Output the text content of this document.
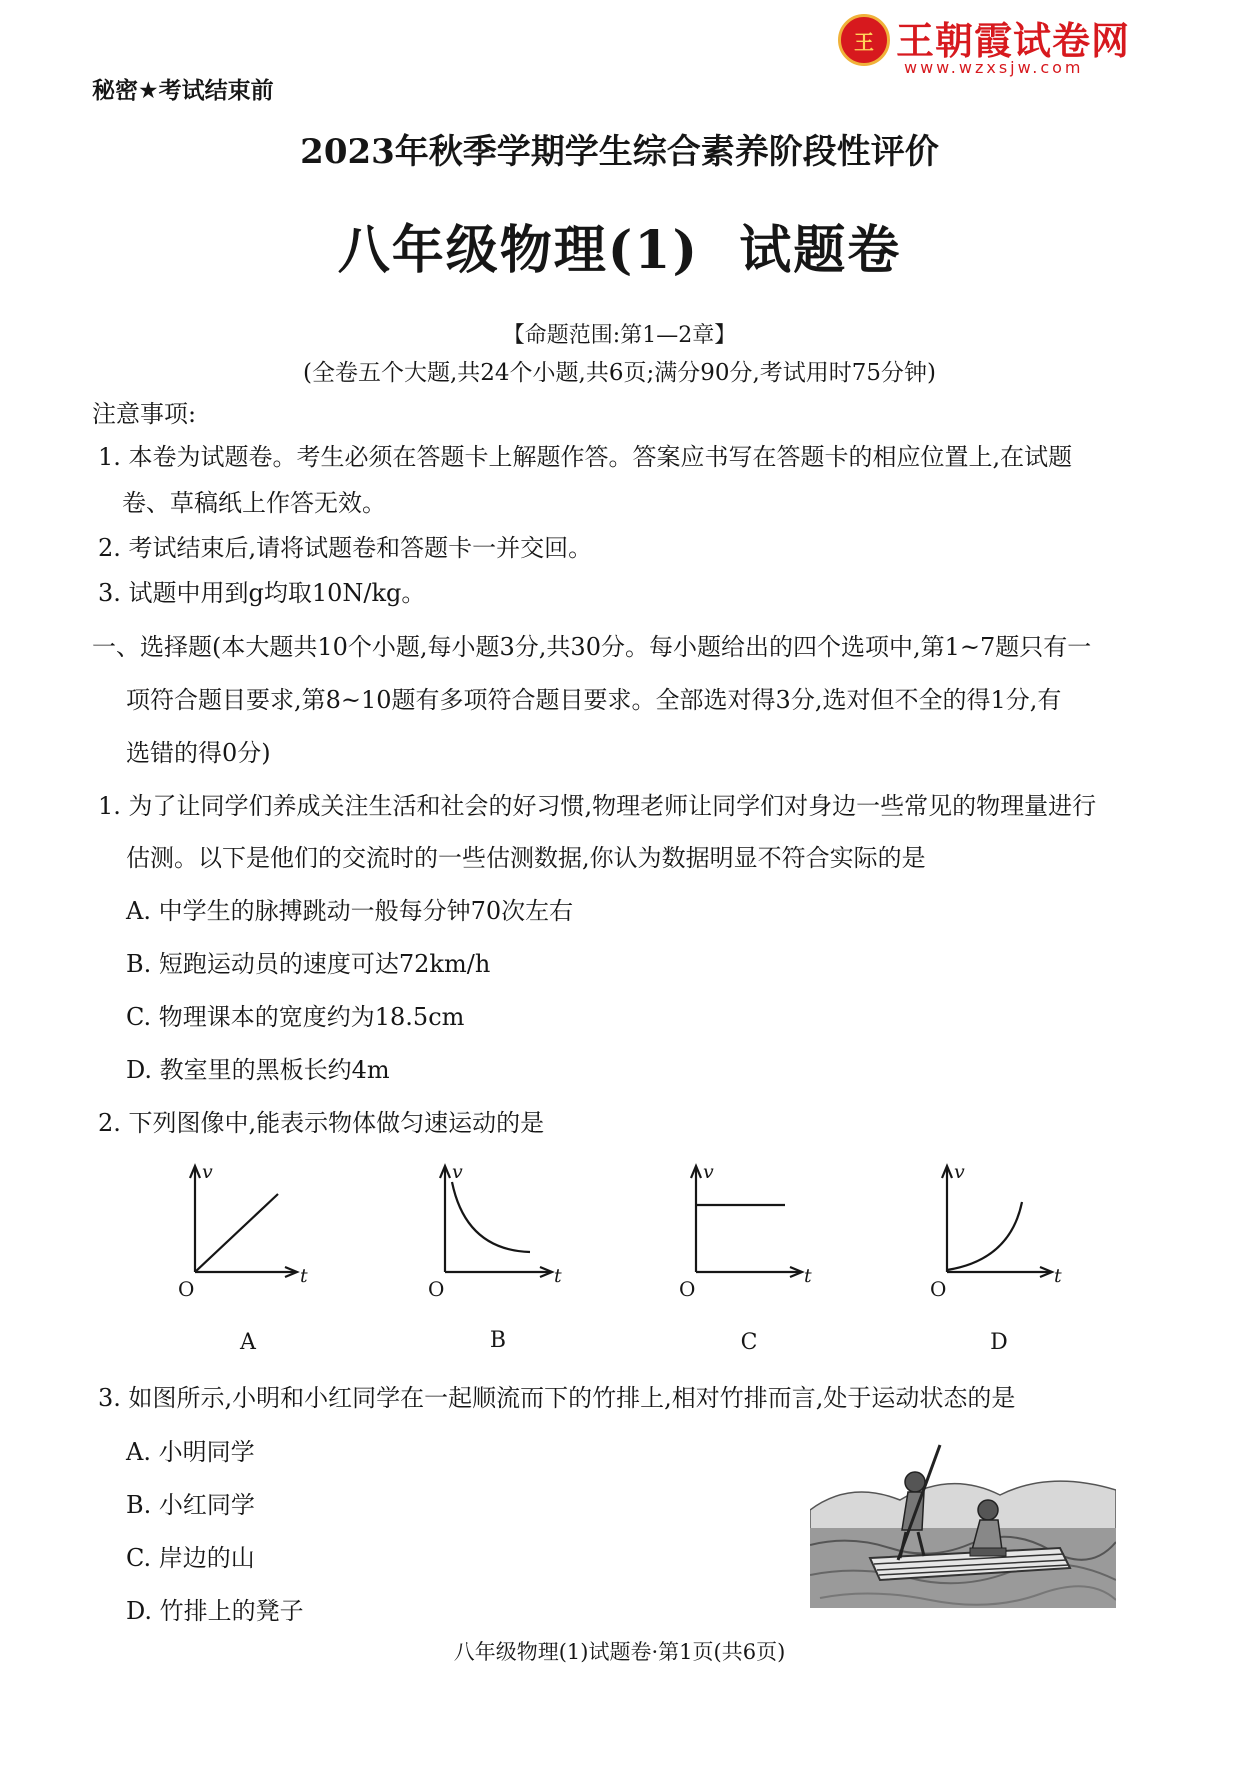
王 王朝霞试卷网
www.wzxsjw.com
秘密★考试结束前
2023年秋季学期学生综合素养阶段性评价
八年级物理(1)  试题卷
【命题范围:第1—2章】
(全卷五个大题,共24个小题,共6页;满分90分,考试用时75分钟)
注意事项:
1. 本卷为试题卷。考生必须在答题卡上解题作答。答案应书写在答题卡的相应位置上,在试题
卷、草稿纸上作答无效。
2. 考试结束后,请将试题卷和答题卡一并交回。
3. 试题中用到g均取10N/kg。
一、选择题(本大题共10个小题,每小题3分,共30分。每小题给出的四个选项中,第1~7题只有一
项符合题目要求,第8~10题有多项符合题目要求。全部选对得3分,选对但不全的得1分,有
选错的得0分)
1. 为了让同学们养成关注生活和社会的好习惯,物理老师让同学们对身边一些常见的物理量进行
估测。以下是他们的交流时的一些估测数据,你认为数据明显不符合实际的是
A. 中学生的脉搏跳动一般每分钟70次左右
B. 短跑运动员的速度可达72km/h
C. 物理课本的宽度约为18.5cm
D. 教室里的黑板长约4m
2. 下列图像中,能表示物体做匀速运动的是
v
t
v
t
v
t
v
t
O	O	O	O
A	B	C	D
3. 如图所示,小明和小红同学在一起顺流而下的竹排上,相对竹排而言,处于运动状态的是
A. 小明同学
B. 小红同学
C. 岸边的山
D. 竹排上的凳子
八年级物理(1)试题卷·第1页(共6页)
